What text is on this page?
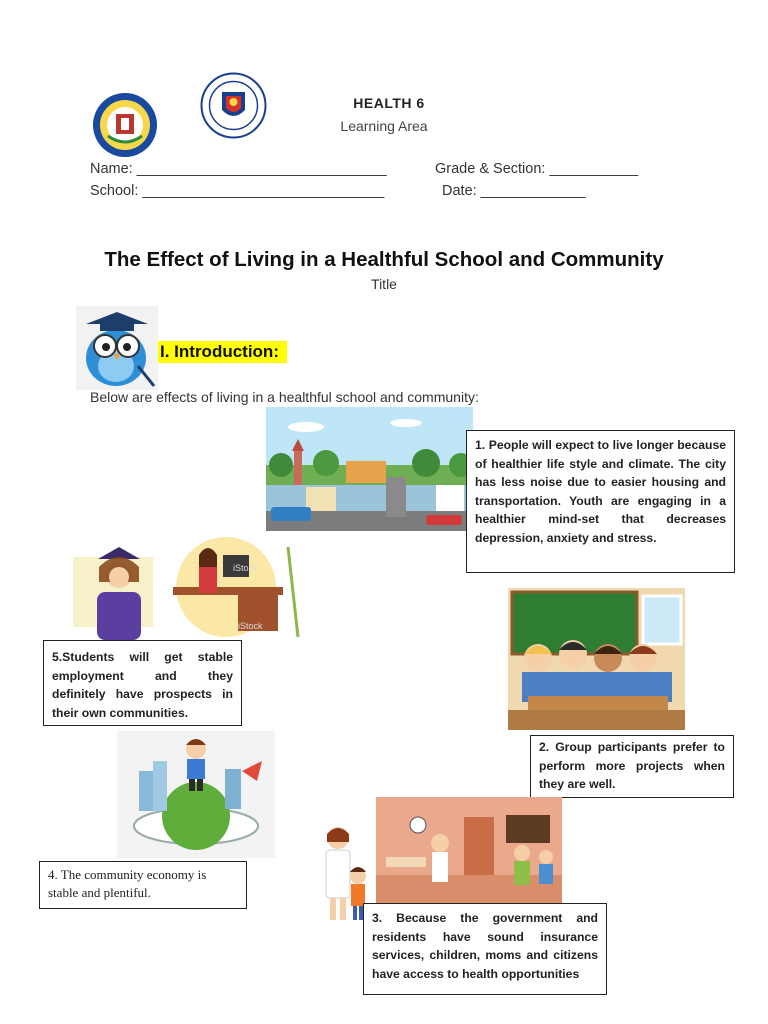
HEALTH 6
Learning Area
Name: _______________________________	Grade & Section: ___________
School: ______________________________	Date: _____________
The Effect of Living in a Healthful School and Community
Title
I. Introduction:
Below are effects of living in a healthful school and community:
1. People will expect to live longer because of healthier life style and climate. The city has less noise due to easier housing and transportation. Youth are engaging in a healthier mind-set that decreases depression, anxiety and stress.
iStock
iStock
5.Students will get stable employment and they definitely have prospects in their own communities.
2. Group participants prefer to perform more projects when they are well.
4. The community economy is stable and plentiful.
3. Because the government and residents have sound insurance services, children, moms and citizens have access to health opportunities
